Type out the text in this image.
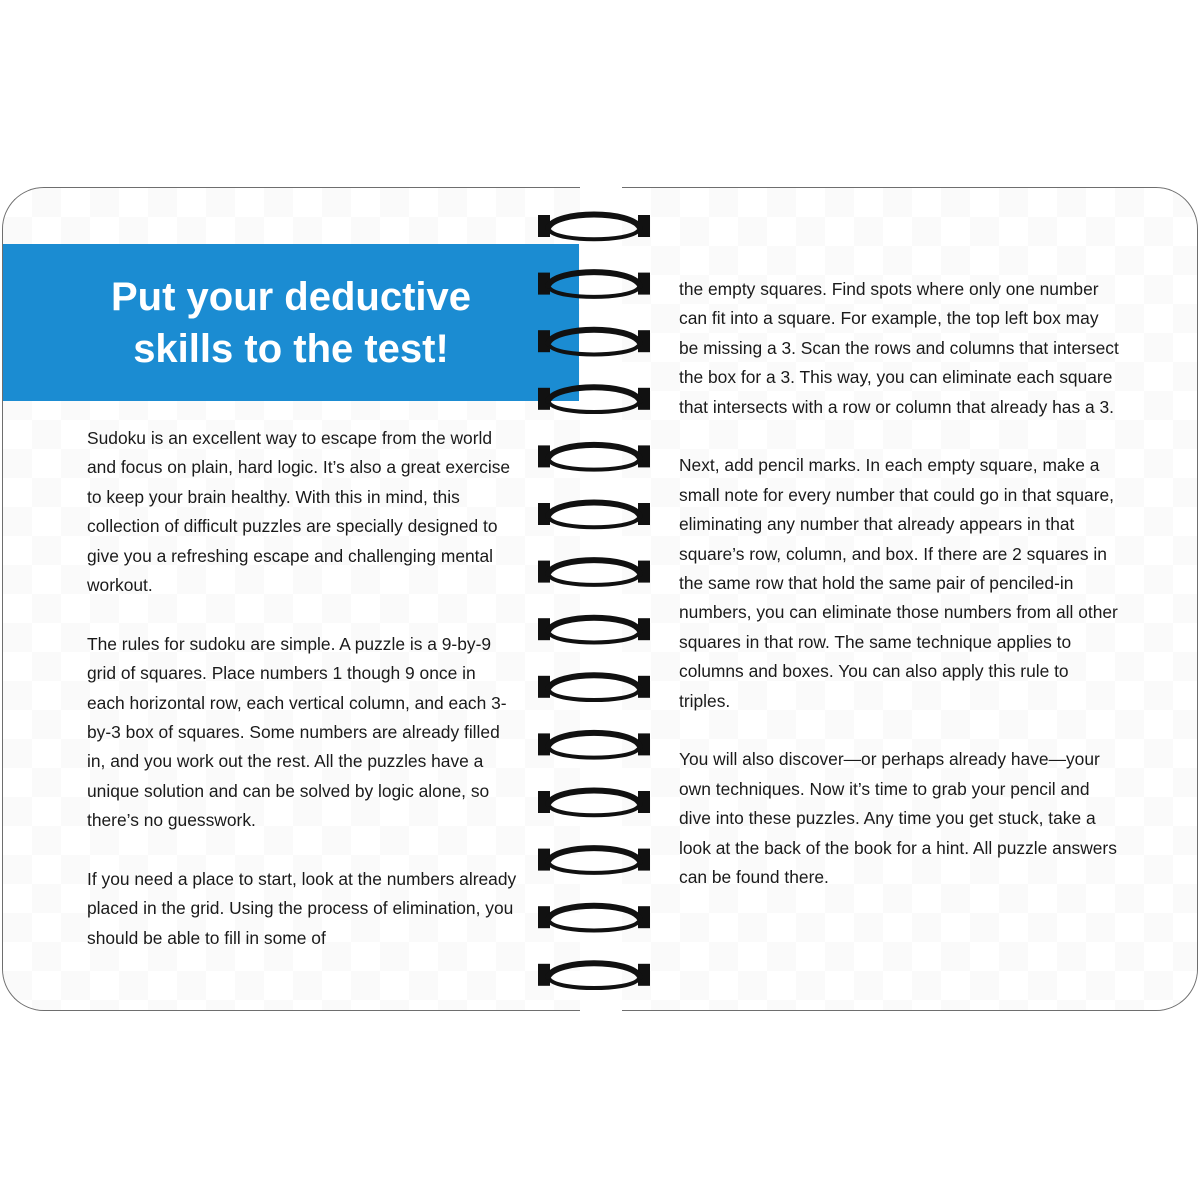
Put your deductive
skills to the test!

Sudoku is an excellent way to escape from the world and focus on plain, hard logic. It’s also a great exercise to keep your brain healthy. With this in mind, this collection of difficult puzzles are specially designed to give you a refreshing escape and challenging mental workout.

The rules for sudoku are simple. A puzzle is a 9-by-9 grid of squares. Place numbers 1 though 9 once in each horizontal row, each vertical column, and each 3-by-3 box of squares. Some numbers are already filled in, and you work out the rest. All the puzzles have a unique solution and can be solved by logic alone, so there’s no guesswork.

If you need a place to start, look at the numbers already placed in the grid. Using the process of elimination, you should be able to fill in some of

the empty squares. Find spots where only one number can fit into a square. For example, the top left box may be missing a 3. Scan the rows and columns that intersect the box for a 3. This way, you can eliminate each square that intersects with a row or column that already has a 3.

Next, add pencil marks. In each empty square, make a small note for every number that could go in that square, eliminating any number that already appears in that square’s row, column, and box. If there are 2 squares in the same row that hold the same pair of penciled-in numbers, you can eliminate those numbers from all other squares in that row. The same technique applies to columns and boxes. You can also apply this rule to triples.

You will also discover—or perhaps already have—your own techniques. Now it’s time to grab your pencil and dive into these puzzles. Any time you get stuck, take a look at the back of the book for a hint. All puzzle answers can be found there.
